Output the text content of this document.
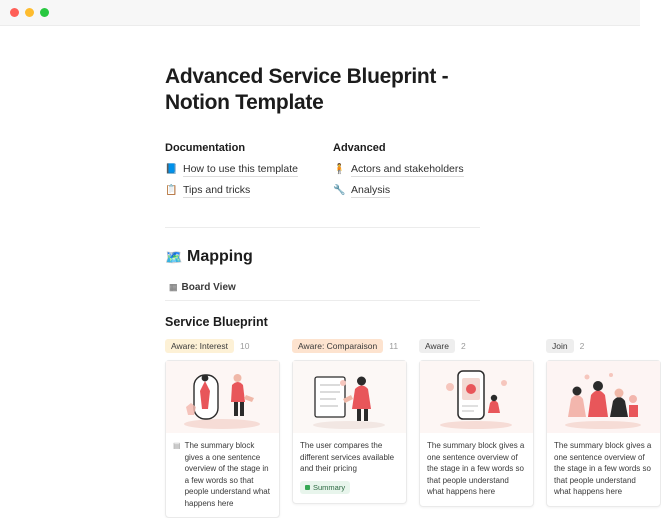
Advanced Service Blueprint - Notion Template
Documentation
📘 How to use this template
📋 Tips and tricks
Advanced
🧍 Actors and stakeholders
🔧 Analysis
🗺️ Mapping
▦ Board View
Service Blueprint
Aware: Interest	10
▤ The summary block gives a one sentence overview of the stage in a few words so that people understand what happens here
Aware: Comparaison	11
The user compares the different services available and their pricing
Summary
Aware	2
The summary block gives a one sentence overview of the stage in a few words so that people understand what happens here
Join	2
The summary block gives a one sentence overview of the stage in a few words so that people understand what happens here
